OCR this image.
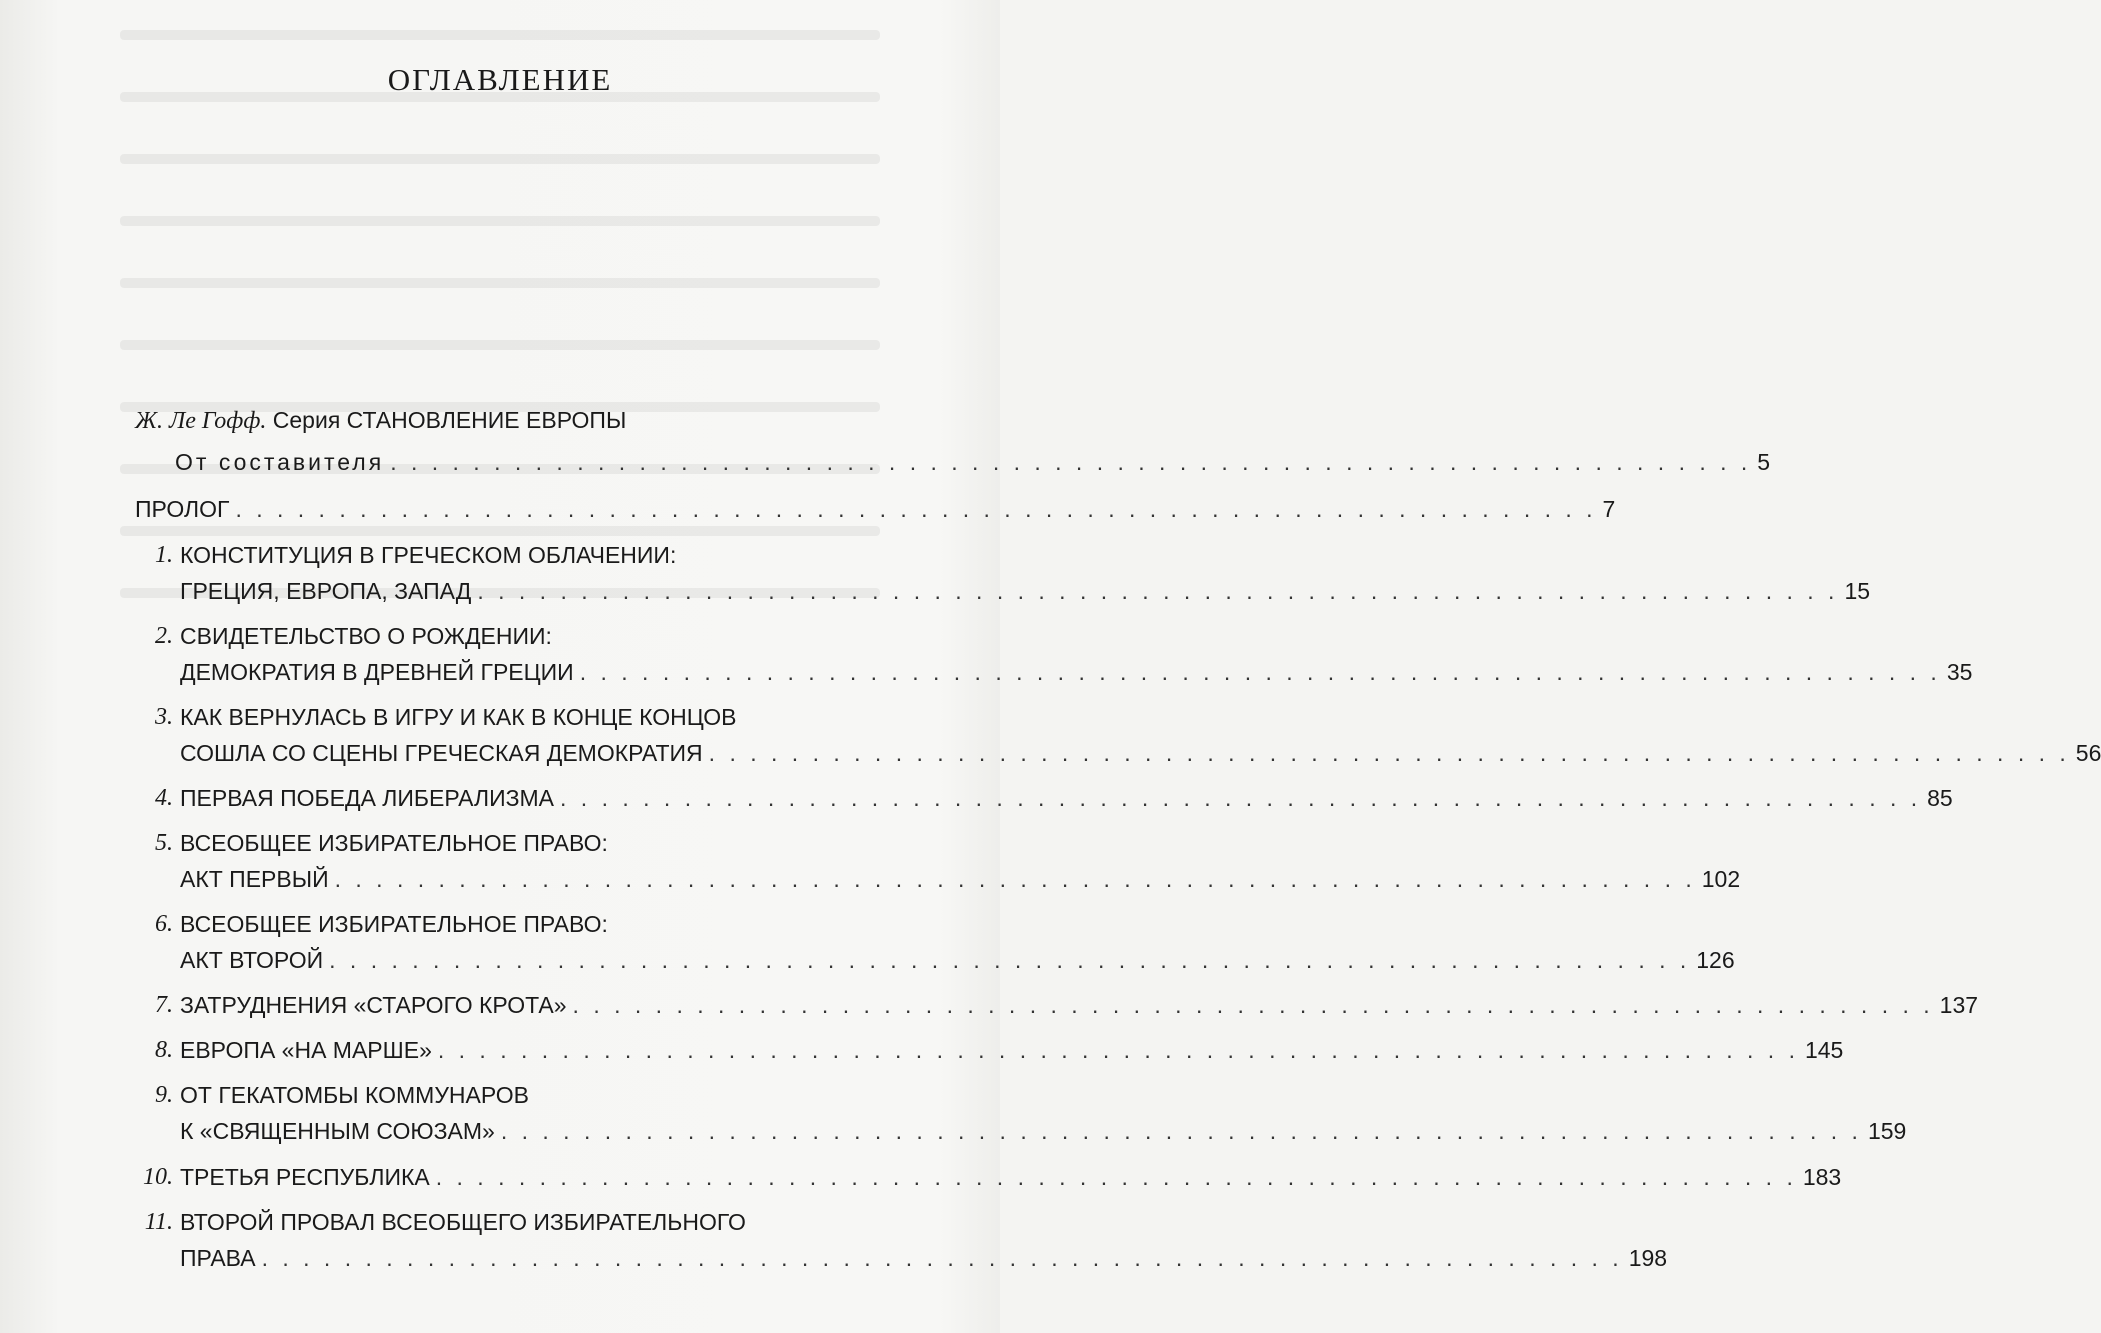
ОГЛАВЛЕНИЕ
Ж. Ле Гофф. Серия СТАНОВЛЕНИЕ ЕВРОПЫ
От составителя . . .	5
ПРОЛОГ . . .	7
1. КОНСТИТУЦИЯ В ГРЕЧЕСКОМ ОБЛАЧЕНИИ:
ГРЕЦИЯ, ЕВРОПА, ЗАПАД . . .	15
2. СВИДЕТЕЛЬСТВО О РОЖДЕНИИ:
ДЕМОКРАТИЯ В ДРЕВНЕЙ ГРЕЦИИ . . .	35
3. КАК ВЕРНУЛАСЬ В ИГРУ И КАК В КОНЦЕ КОНЦОВ
СОШЛА СО СЦЕНЫ ГРЕЧЕСКАЯ ДЕМОКРАТИЯ . . .	56
4. ПЕРВАЯ ПОБЕДА ЛИБЕРАЛИЗМА . . .	85
5. ВСЕОБЩЕЕ ИЗБИРАТЕЛЬНОЕ ПРАВО:
АКТ ПЕРВЫЙ . . .	102
6. ВСЕОБЩЕЕ ИЗБИРАТЕЛЬНОЕ ПРАВО:
АКТ ВТОРОЙ . . .	126
7. ЗАТРУДНЕНИЯ «СТАРОГО КРОТА» . . .	137
8. ЕВРОПА «НА МАРШЕ» . . .	145
9. ОТ ГЕКАТОМБЫ КОММУНАРОВ
К «СВЯЩЕННЫМ СОЮЗАМ» . . .	159
10. ТРЕТЬЯ РЕСПУБЛИКА . . .	183
11. ВТОРОЙ ПРОВАЛ ВСЕОБЩЕГО ИЗБИРАТЕЛЬНОГО
ПРАВА . . .	198
